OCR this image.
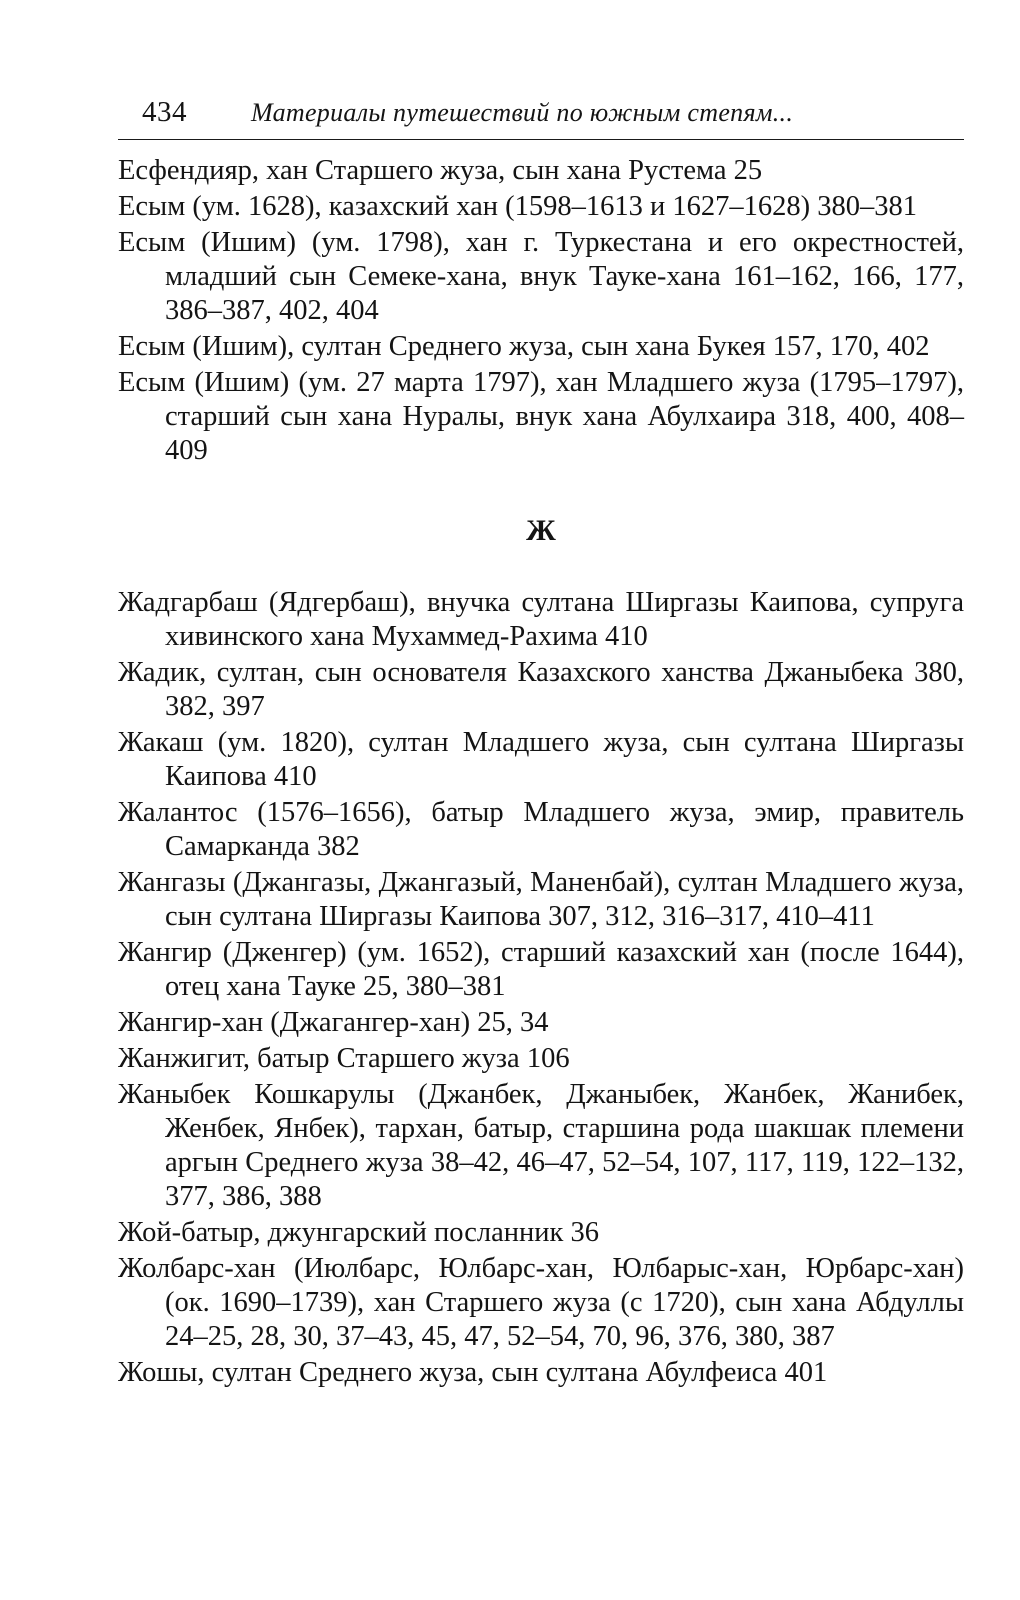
434 Материалы путешествий по южным степям...

Есфендияр, хан Старшего жуза, сын хана Рустема 25

Есым (ум. 1628), казахский хан (1598–1613 и 1627–1628) 380–381

Есым (Ишим) (ум. 1798), хан г. Туркестана и его окрестностей, младший сын Семеке-хана, внук Тауке-хана 161–162, 166, 177, 386–387, 402, 404

Есым (Ишим), султан Среднего жуза, сын хана Букея 157, 170, 402

Есым (Ишим) (ум. 27 марта 1797), хан Младшего жуза (1795–1797), старший сын хана Нуралы, внук хана Абулхаира 318, 400, 408–409

Ж

Жадгарбаш (Ядгербаш), внучка султана Ширгазы Каипова, супруга хивинского хана Мухаммед-Рахима 410

Жадик, султан, сын основателя Казахского ханства Джаныбека 380, 382, 397

Жакаш (ум. 1820), султан Младшего жуза, сын султана Ширгазы Каипова 410

Жалантос (1576–1656), батыр Младшего жуза, эмир, правитель Самарканда 382

Жангазы (Джангазы, Джангазый, Маненбай), султан Младшего жуза, сын султана Ширгазы Каипова 307, 312, 316–317, 410–411

Жангир (Дженгер) (ум. 1652), старший казахский хан (после 1644), отец хана Тауке 25, 380–381

Жангир-хан (Джагангер-хан) 25, 34

Жанжигит, батыр Старшего жуза 106

Жаныбек Кошкарулы (Джанбек, Джаныбек, Жанбек, Жанибек, Женбек, Янбек), тархан, батыр, старшина рода шакшак племени аргын Среднего жуза 38–42, 46–47, 52–54, 107, 117, 119, 122–132, 377, 386, 388

Жой-батыр, джунгарский посланник 36

Жолбарс-хан (Июлбарс, Юлбарс-хан, Юлбарыс-хан, Юрбарс-хан) (ок. 1690–1739), хан Старшего жуза (с 1720), сын хана Абдуллы 24–25, 28, 30, 37–43, 45, 47, 52–54, 70, 96, 376, 380, 387

Жошы, султан Среднего жуза, сын султана Абулфеиса 401
